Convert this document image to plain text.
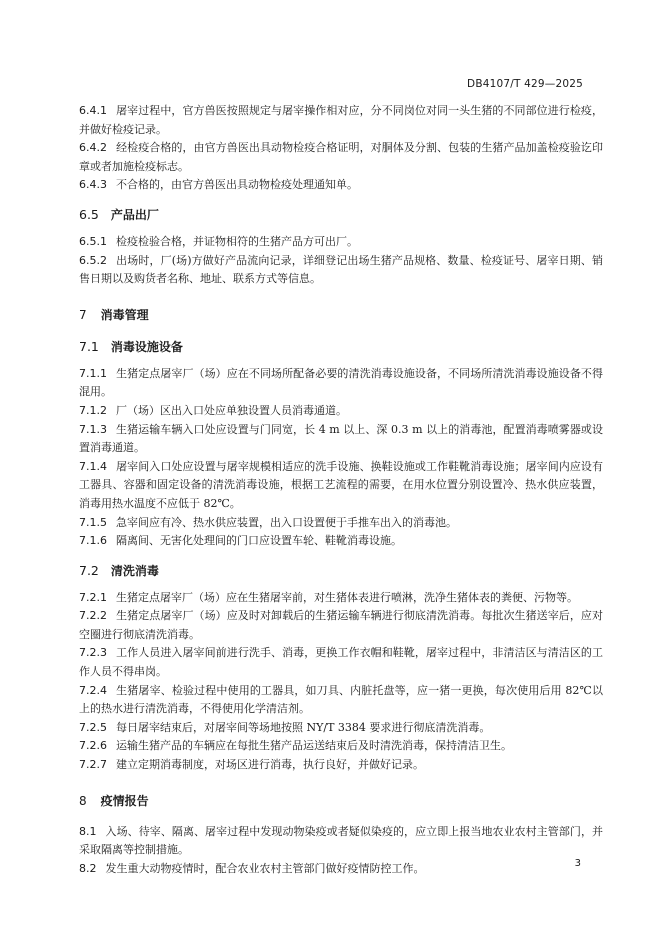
DB4107/T 429—2025

6.4.1 屠宰过程中，官方兽医按照规定与屠宰操作相对应，分不同岗位对同一头生猪的不同部位进行检疫，并做好检疫记录。

6.4.2 经检疫合格的，由官方兽医出具动物检疫合格证明，对胴体及分割、包装的生猪产品加盖检疫验讫印章或者加施检疫标志。

6.4.3 不合格的，由官方兽医出具动物检疫处理通知单。

6.5 产品出厂

6.5.1 检疫检验合格，并证物相符的生猪产品方可出厂。

6.5.2 出场时，厂(场)方做好产品流向记录，详细登记出场生猪产品规格、数量、检疫证号、屠宰日期、销售日期以及购货者名称、地址、联系方式等信息。

7 消毒管理
7.1 消毒设施设备

7.1.1 生猪定点屠宰厂（场）应在不同场所配备必要的清洗消毒设施设备，不同场所清洗消毒设施设备不得混用。

7.1.2 厂（场）区出入口处应单独设置人员消毒通道。

7.1.3 生猪运输车辆入口处应设置与门同宽，长 4 m 以上、深 0.3 m 以上的消毒池，配置消毒喷雾器或设置消毒通道。

7.1.4 屠宰间入口处应设置与屠宰规模相适应的洗手设施、换鞋设施或工作鞋靴消毒设施；屠宰间内应设有工器具、容器和固定设备的清洗消毒设施，根据工艺流程的需要，在用水位置分别设置冷、热水供应装置，消毒用热水温度不应低于 82℃。

7.1.5 急宰间应有冷、热水供应装置，出入口设置便于手推车出入的消毒池。

7.1.6 隔离间、无害化处理间的门口应设置车轮、鞋靴消毒设施。

7.2 清洗消毒

7.2.1 生猪定点屠宰厂（场）应在生猪屠宰前，对生猪体表进行喷淋，洗净生猪体表的粪便、污物等。

7.2.2 生猪定点屠宰厂（场）应及时对卸载后的生猪运输车辆进行彻底清洗消毒。每批次生猪送宰后，应对空圈进行彻底清洗消毒。

7.2.3 工作人员进入屠宰间前进行洗手、消毒，更换工作衣帽和鞋靴，屠宰过程中，非清洁区与清洁区的工作人员不得串岗。

7.2.4 生猪屠宰、检验过程中使用的工器具，如刀具、内脏托盘等，应一猪一更换，每次使用后用 82℃以上的热水进行清洗消毒，不得使用化学清洁剂。

7.2.5 每日屠宰结束后，对屠宰间等场地按照 NY/T 3384 要求进行彻底清洗消毒。

7.2.6 运输生猪产品的车辆应在每批生猪产品运送结束后及时清洗消毒，保持清洁卫生。

7.2.7 建立定期消毒制度，对场区进行消毒，执行良好，并做好记录。

8 疫情报告

8.1 入场、待宰、隔离、屠宰过程中发现动物染疫或者疑似染疫的，应立即上报当地农业农村主管部门，并采取隔离等控制措施。

8.2 发生重大动物疫情时，配合农业农村主管部门做好疫情防控工作。	3
